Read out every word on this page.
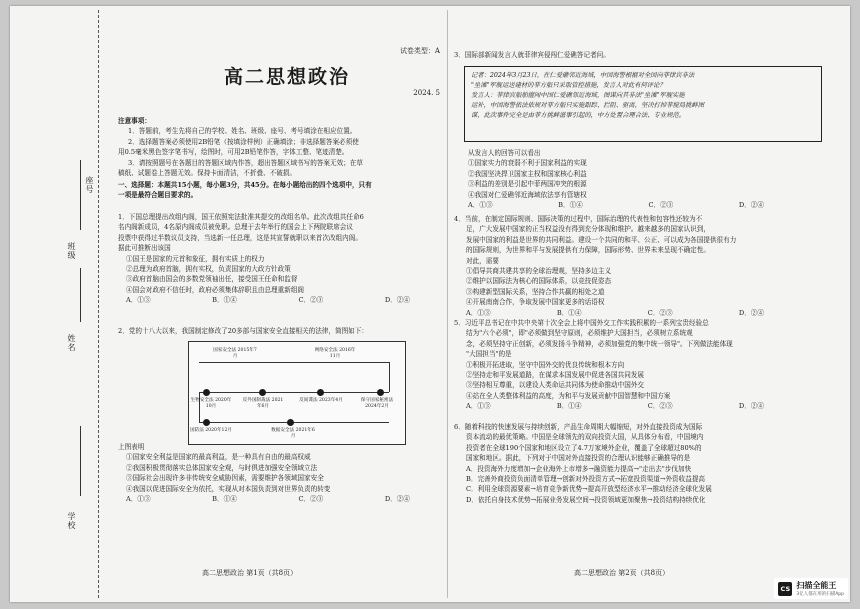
学校
姓名
班级
座号
试卷类型：A
高二思想政治
2024. 5
注意事项：
1．答题前，考生先将自己的学校、姓名、班级、座号、考号填涂在相应位置。
2．选择题答案必须使用2B铅笔（按填涂样例）正确填涂；非选择题答案必须使
用0.5毫米黑色签字笔书写，绘图时，可用2B铅笔作答，字体工整、笔迹清楚。
3．请按照题号在各题目的答题区域内作答，超出答题区域书写的答案无效；在草
稿纸、试题卷上答题无效。保持卡面清洁，不折叠、不破损。
一、选择题：本题共15小题，每小题3分，共45分。在每小题给出的四个选项中，只有
一项是最符合题目要求的。
1．下国总理提出改组内阁，国王依照宪法批准其提交的改组名单。此次改组共任命6
名内阁新成员，4名原内阁成员被免职。总理于去年举行的国会上下两院联席会议
投票中获得过半数议员支持，当选新一任总理，这是其宣誓就职以来首次改组内阁。
据此可推断出该国
①国王是国家的元首和象征，拥有实质上的权力
②总理为政府首脑，拥有实权，负责国家的大政方针政策
③政府首脑由国会的多数党领袖出任，接受国王任命和监督
④国会对政府不信任时，政府必须集体辞职且由总理重新组阁
A．①③	B．①④	C．②③	D．②④
2．党的十八大以来，我国制定修改了20多部与国家安全直接相关的法律，简图如下：
上图表明
①国家安全利益是国家的最高利益，是一种具有自由的最高权威
②我国积极贯彻落实总体国家安全观，与时俱进加强安全领域立法
③国际社会出现许多非传统安全威胁因素，需要维护各领域国家安全
④我国以促进国际安全为依托，实现从对本国负责到对世界负责的转变
A．①③	B．①④	C．②③	D．②④
高二思想政治 第1页（共8页）
国家安全法 2015年7月
网络安全法 2016年11月
生物安全法 2020年10月
反外国制裁法 2021年6月
反间谍法 2023年4月	保守国家秘密法 2024年2月
国防法 2020年12月	数据安全法 2021年6月
3．国际部新闻发言人就菲律宾侵闯仁爱礁答记者问。
记者：2024年3月23日，在仁爱礁邻近海域，中国海警根据对全国向菲律宾非法
"坐滩"军舰运送建材的菲方船只采取管控措施，发言人对此有何评论？
发言人：菲律宾船舶擅闯中国仁爱礁邻近海域，图谋向其非法"坐滩"军舰实施
运补，中国海警依法依规对菲方船只实施跟踪、拦阻、驱离，坚决打掉菲搅局挑衅图
谋，此次事件完全是由菲方挑衅滋事引起的，中方处置合理合法、专业规范。
从发言人的回答可以看出
①国家实力的衰弱不利于国家利益的实现
②我国坚决捍卫国家主权和国家核心利益
③利益的差别是引起中菲两国冲突的根源
④我国对仁爱礁邻近海域依法享有管辖权
A．①③	B．①④	C．②③	D．②④
4．当前，在制定国际规则、国际决策的过程中，国际治理的代表性和包容性还较为不
足，广大发展中国家的正当权益没有得到充分体现和维护。越来越多的国家认识到，
发展中国家的利益是世界的共同利益。建设一个共同的和平、公正、可以成为各国提供很有力
的国际规则，为世界和平与发展提供有力保障，国际形势、世界未来呈现不确定性。
对此，需要
①倡导共商共建共享的全球治理观，坚持多边主义
②维护以国际法为核心的国际体系，以竞技促姿态
③构建新型国际关系，坚持合作共赢的相处之道
④开展南南合作，争取发展中国家更多的话语权
A．①③	B．①④	C．②③	D．②④
5．习近平总书记在中共中央第十次全会上将中国外交工作实践积累的一系列宝贵经验总
结为"六个必须"，即"必须做到坚守原则，必须维护大国担当，必须树立系统观
念，必须坚持守正创新，必须发扬斗争精神，必须加强党的集中统一领导"。下列做法能体现
"大国担当"的是
①积极开拓进取，坚守中国外交的优良传统和根本方向
②坚持走和平发展道路，在谋求本国发展中促进各国共同发展
③坚持相互尊重，以建设人类命运共同体为使命推动中国外交
④站在全人类整体利益的高度，为和平与发展贡献中国智慧和中国方案
A．①③	B．①④	C．②③	D．②④
6．随着科技的快速发展与持续创新，产品生命周期大幅缩短，对外直接投资成为国际
资本流动的最优策略。中国是全球领先的双向投资大国，从具体分布看，中国境内
投资者在全球190个国家和地区设立了4.7万家境外企业，覆盖了全球超过80%的
国家和地区。据此，下列对于中国对外直接投资的合理认识能够正确推导的是
A．投资海外力度增加→企业海外上市增多→融资能力提高→"走出去"步伐加快
B．完善外商投资负面清单管理→创新对外投资方式→拓宽投资渠道→外资收益提高
C．利用全球资源要素→培育竞争新优势→提高开放型经济水平→推动经济全球化发展
D．依托自身技术优势→拓展业务发展空间→投资领域更加聚焦→投资结构持续优化
高二思想政治 第2页（共8页）
CS 扫描全能王
3亿人都在用的扫描App
